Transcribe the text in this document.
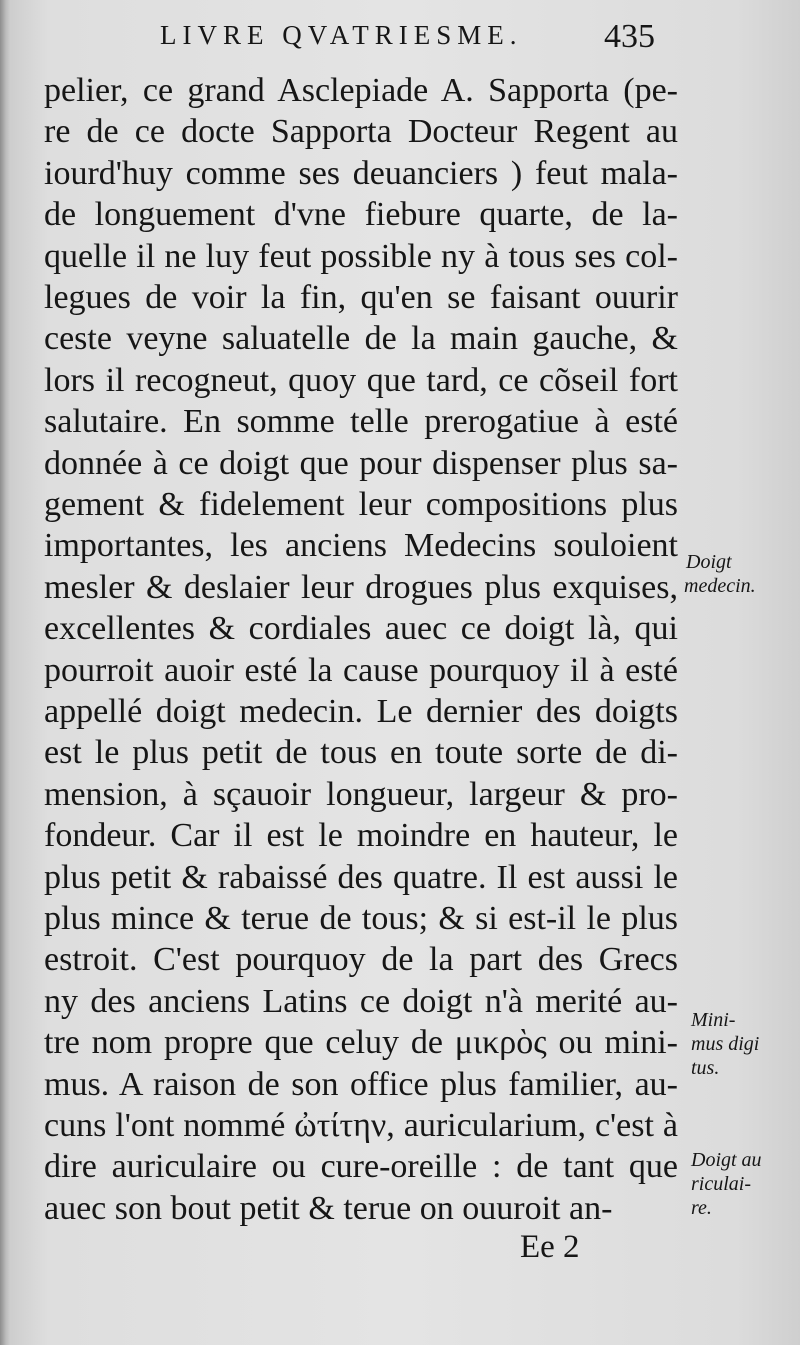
LIVRE QVATRIESME. 435
Doigt
medecin.
Mini-
mus digi
tus.
Doigt au
riculai-
re.
Ee 2

pelier, ce grand Asclepiade A. Sapporta (pe-

re de ce docte Sapporta Docteur Regent au

iourd'huy comme ses deuanciers ) feut mala-

de longuement d'vne fiebure quarte, de la-

quelle il ne luy feut possible ny à tous ses col-

legues de voir la fin, qu'en se faisant ouurir

ceste veyne saluatelle de la main gauche, &

lors il recogneut, quoy que tard, ce cõseil fort

salutaire. En somme telle prerogatiue à esté

donnée à ce doigt que pour dispenser plus sa-

gement & fidelement leur compositions plus

importantes, les anciens Medecins souloient

mesler & deslaier leur drogues plus exquises,

excellentes & cordiales auec ce doigt là, qui

pourroit auoir esté la cause pourquoy il à esté

appellé doigt medecin. Le dernier des doigts

est le plus petit de tous en toute sorte de di-

mension, à sçauoir longueur, largeur & pro-

fondeur. Car il est le moindre en hauteur, le

plus petit & rabaissé des quatre. Il est aussi le

plus mince & terue de tous; & si est-il le plus

estroit. C'est pourquoy de la part des Grecs

ny des anciens Latins ce doigt n'à merité au-

tre nom propre que celuy de μικρὸς ou mini-

mus. A raison de son office plus familier, au-

cuns l'ont nommé ὠτίτην, auricularium, c'est à

dire auriculaire ou cure-oreille : de tant que

auec son bout petit & terue on ouuroit an-
